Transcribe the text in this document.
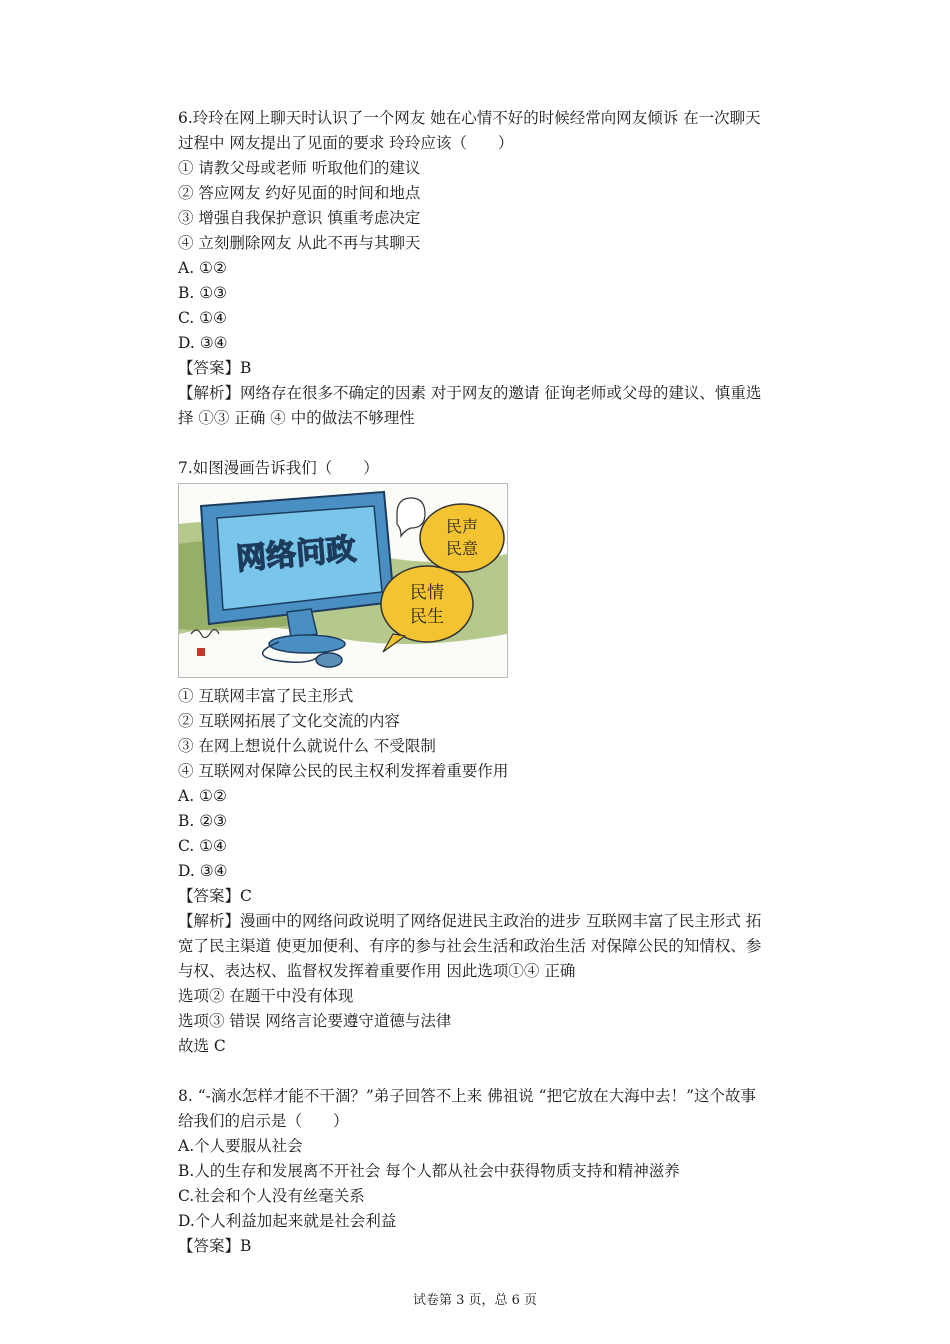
6.玲玲在网上聊天时认识了一个网友 她在心情不好的时候经常向网友倾诉 在一次聊天
过程中 网友提出了见面的要求 玲玲应该（　　）
① 请教父母或老师 听取他们的建议
② 答应网友 约好见面的时间和地点
③ 增强自我保护意识 慎重考虑决定
④ 立刻删除网友 从此不再与其聊天
A. ①②
B. ①③
C. ①④
D. ③④
【答案】B
【解析】网络存在很多不确定的因素 对于网友的邀请 征询老师或父母的建议、慎重选
择 ①③ 正确 ④ 中的做法不够理性
7.如图漫画告诉我们（　　）
网络问政
民声
民意
民情
民生
① 互联网丰富了民主形式
② 互联网拓展了文化交流的内容
③ 在网上想说什么就说什么 不受限制
④ 互联网对保障公民的民主权利发挥着重要作用
A. ①②
B. ②③
C. ①④
D. ③④
【答案】C
【解析】漫画中的网络问政说明了网络促进民主政治的进步 互联网丰富了民主形式 拓
宽了民主渠道 使更加便利、有序的参与社会生活和政治生活 对保障公民的知情权、参
与权、表达权、监督权发挥着重要作用 因此选项①④ 正确
选项② 在题干中没有体现
选项③ 错误 网络言论要遵守道德与法律
故选 C
8. “-滴水怎样才能不干涸？”弟子回答不上来 佛祖说 “把它放在大海中去！”这个故事
给我们的启示是（　　）
A.个人要服从社会
B.人的生存和发展离不开社会 每个人都从社会中获得物质支持和精神滋养
C.社会和个人没有丝毫关系
D.个人利益加起来就是社会利益
【答案】B
试卷第 3 页，总 6 页
